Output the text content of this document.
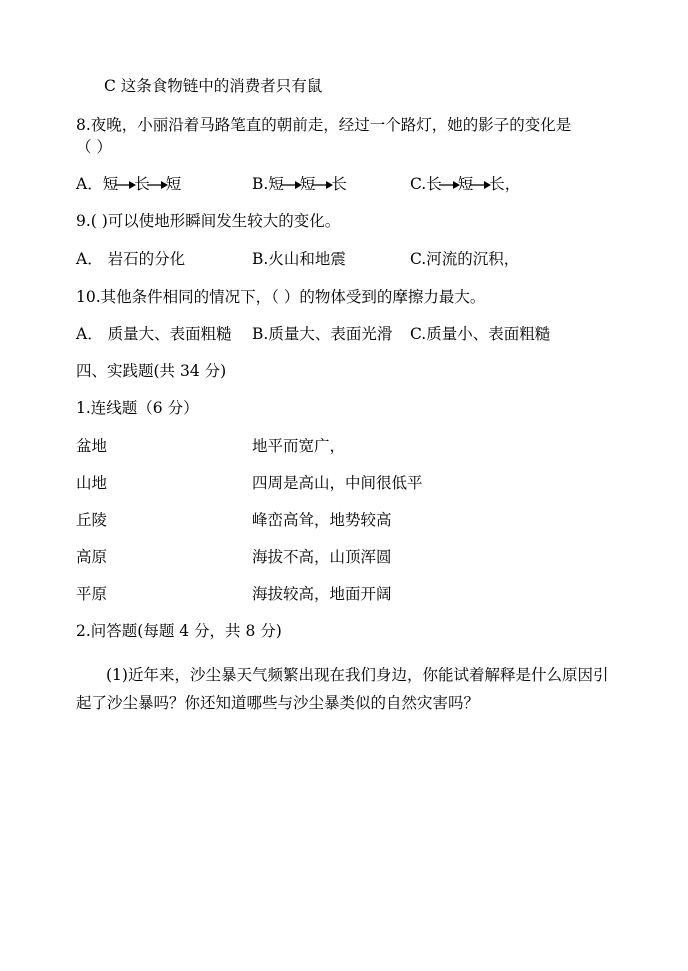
C 这条食物链中的消费者只有鼠
8.夜晚，小丽沿着马路笔直的朝前走，经过一个路灯，她的影子的变化是
（ ）
A．短 长 短	B.短 短 长	C.长 短 长，
9.( )可以使地形瞬间发生较大的变化。
A． 岩石的分化	B.火山和地震	C.河流的沉积，
10.其他条件相同的情况下，（ ）的物体受到的摩擦力最大。
A． 质量大、表面粗糙 B.质量大、表面光滑 C.质量小、表面粗糙
四、实践题(共 34 分)
1.连线题（6 分）
盆地	地平而宽广，
山地	四周是高山，中间很低平
丘陵	峰峦高耸，地势较高
高原	海拔不高，山顶浑圆
平原	海拔较高，地面开阔
2.问答题(每题 4 分，共 8 分)
(1)近年来，沙尘暴天气频繁出现在我们身边，你能试着解释是什么原因引
起了沙尘暴吗？你还知道哪些与沙尘暴类似的自然灾害吗？
